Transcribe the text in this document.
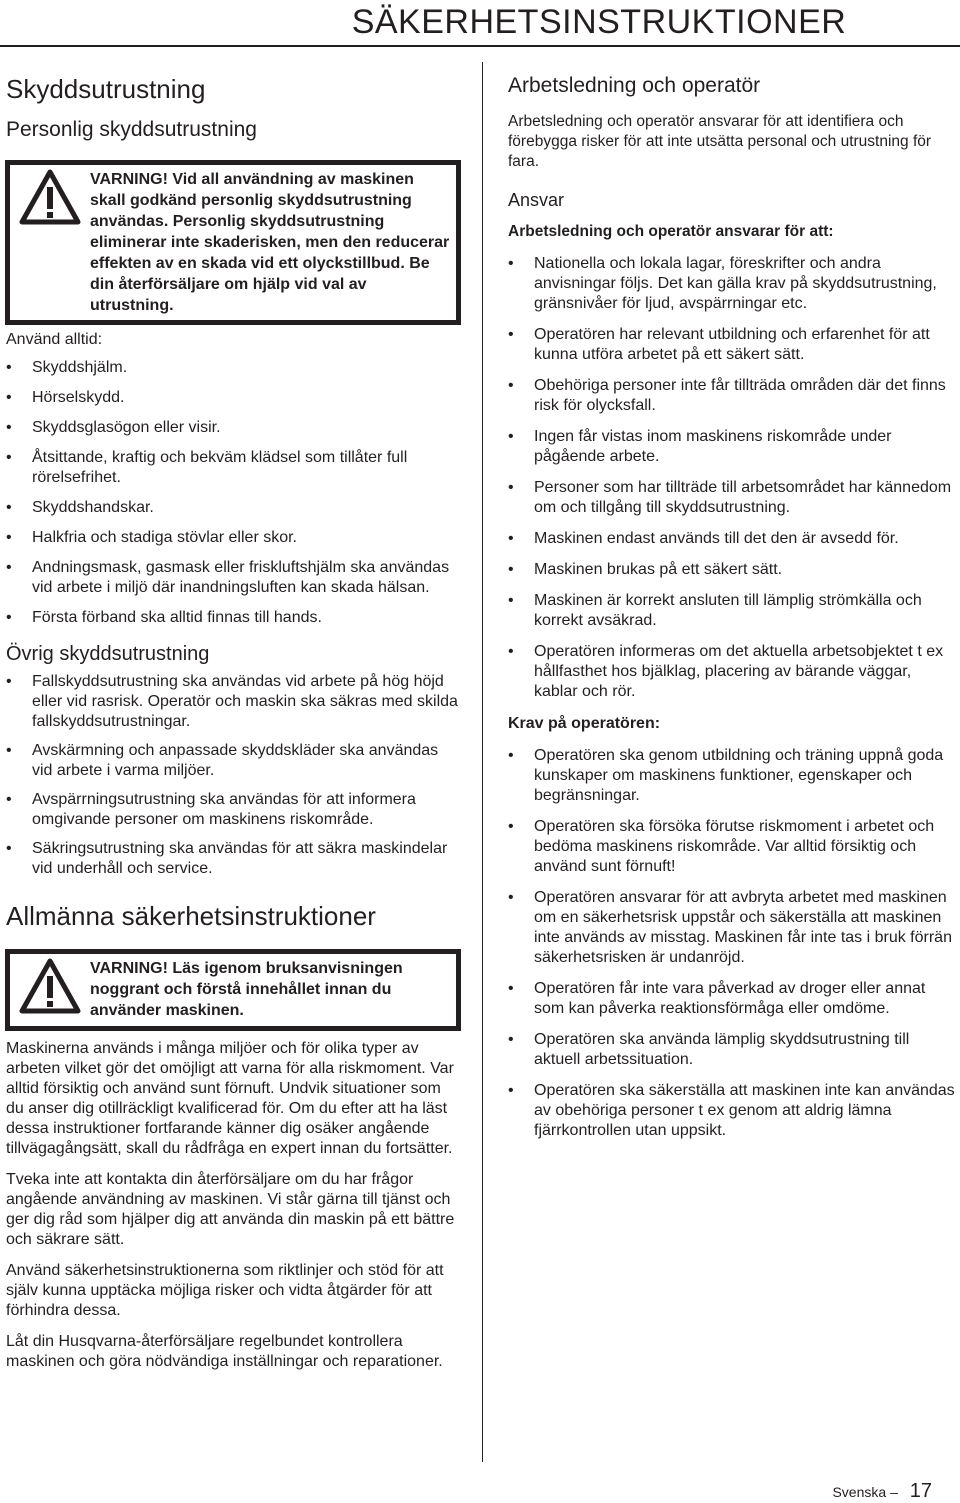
SÄKERHETSINSTRUKTIONER
Skyddsutrustning
Personlig skyddsutrustning
VARNING! Vid all användning av maskinen skall godkänd personlig skyddsutrustning användas. Personlig skyddsutrustning eliminerar inte skaderisken, men den reducerar effekten av en skada vid ett olyckstillbud. Be din återförsäljare om hjälp vid val av utrustning.

Använd alltid:

• Skyddshjälm.
• Hörselskydd.
• Skyddsglasögon eller visir.
• Åtsittande, kraftig och bekväm klädsel som tillåter full rörelsefrihet.
• Skyddshandskar.
• Halkfria och stadiga stövlar eller skor.
• Andningsmask, gasmask eller friskluftshjälm ska användas vid arbete i miljö där inandningsluften kan skada hälsan.
• Första förband ska alltid finnas till hands.
Övrig skyddsutrustning
• Fallskyddsutrustning ska användas vid arbete på hög höjd eller vid rasrisk. Operatör och maskin ska säkras med skilda fallskyddsutrustningar.
• Avskärmning och anpassade skyddskläder ska användas vid arbete i varma miljöer.
• Avspärrningsutrustning ska användas för att informera omgivande personer om maskinens riskområde.
• Säkringsutrustning ska användas för att säkra maskindelar vid underhåll och service.
Allmänna säkerhetsinstruktioner
VARNING! Läs igenom bruksanvisningen noggrant och förstå innehållet innan du använder maskinen.

Maskinerna används i många miljöer och för olika typer av arbeten vilket gör det omöjligt att varna för alla riskmoment. Var alltid försiktig och använd sunt förnuft. Undvik situationer som du anser dig otillräckligt kvalificerad för. Om du efter att ha läst dessa instruktioner fortfarande känner dig osäker angående tillvägagångsätt, skall du rådfråga en expert innan du fortsätter.

Tveka inte att kontakta din återförsäljare om du har frågor angående användning av maskinen. Vi står gärna till tjänst och ger dig råd som hjälper dig att använda din maskin på ett bättre och säkrare sätt.

Använd säkerhetsinstruktionerna som riktlinjer och stöd för att själv kunna upptäcka möjliga risker och vidta åtgärder för att förhindra dessa.

Låt din Husqvarna-återförsäljare regelbundet kontrollera maskinen och göra nödvändiga inställningar och reparationer.

Arbetsledning och operatör

Arbetsledning och operatör ansvarar för att identifiera och förebygga risker för att inte utsätta personal och utrustning för fara.

Ansvar

Arbetsledning och operatör ansvarar för att:

• Nationella och lokala lagar, föreskrifter och andra anvisningar följs. Det kan gälla krav på skyddsutrustning, gränsnivåer för ljud, avspärrningar etc.
• Operatören har relevant utbildning och erfarenhet för att kunna utföra arbetet på ett säkert sätt.
• Obehöriga personer inte får tillträda områden där det finns risk för olycksfall.
• Ingen får vistas inom maskinens riskområde under pågående arbete.
• Personer som har tillträde till arbetsområdet har kännedom om och tillgång till skyddsutrustning.
• Maskinen endast används till det den är avsedd för.
• Maskinen brukas på ett säkert sätt.
• Maskinen är korrekt ansluten till lämplig strömkälla och korrekt avsäkrad.
• Operatören informeras om det aktuella arbetsobjektet t ex hållfasthet hos bjälklag, placering av bärande väggar, kablar och rör.

Krav på operatören:

• Operatören ska genom utbildning och träning uppnå goda kunskaper om maskinens funktioner, egenskaper och begränsningar.
• Operatören ska försöka förutse riskmoment i arbetet och bedöma maskinens riskområde. Var alltid försiktig och använd sunt förnuft!
• Operatören ansvarar för att avbryta arbetet med maskinen om en säkerhetsrisk uppstår och säkerställa att maskinen inte används av misstag. Maskinen får inte tas i bruk förrän säkerhetsrisken är undanröjd.
• Operatören får inte vara påverkad av droger eller annat som kan påverka reaktionsförmåga eller omdöme.
• Operatören ska använda lämplig skyddsutrustning till aktuell arbetssituation.
• Operatören ska säkerställa att maskinen inte kan användas av obehöriga personer t ex genom att aldrig lämna fjärrkontrollen utan uppsikt.
Svenska – 17
